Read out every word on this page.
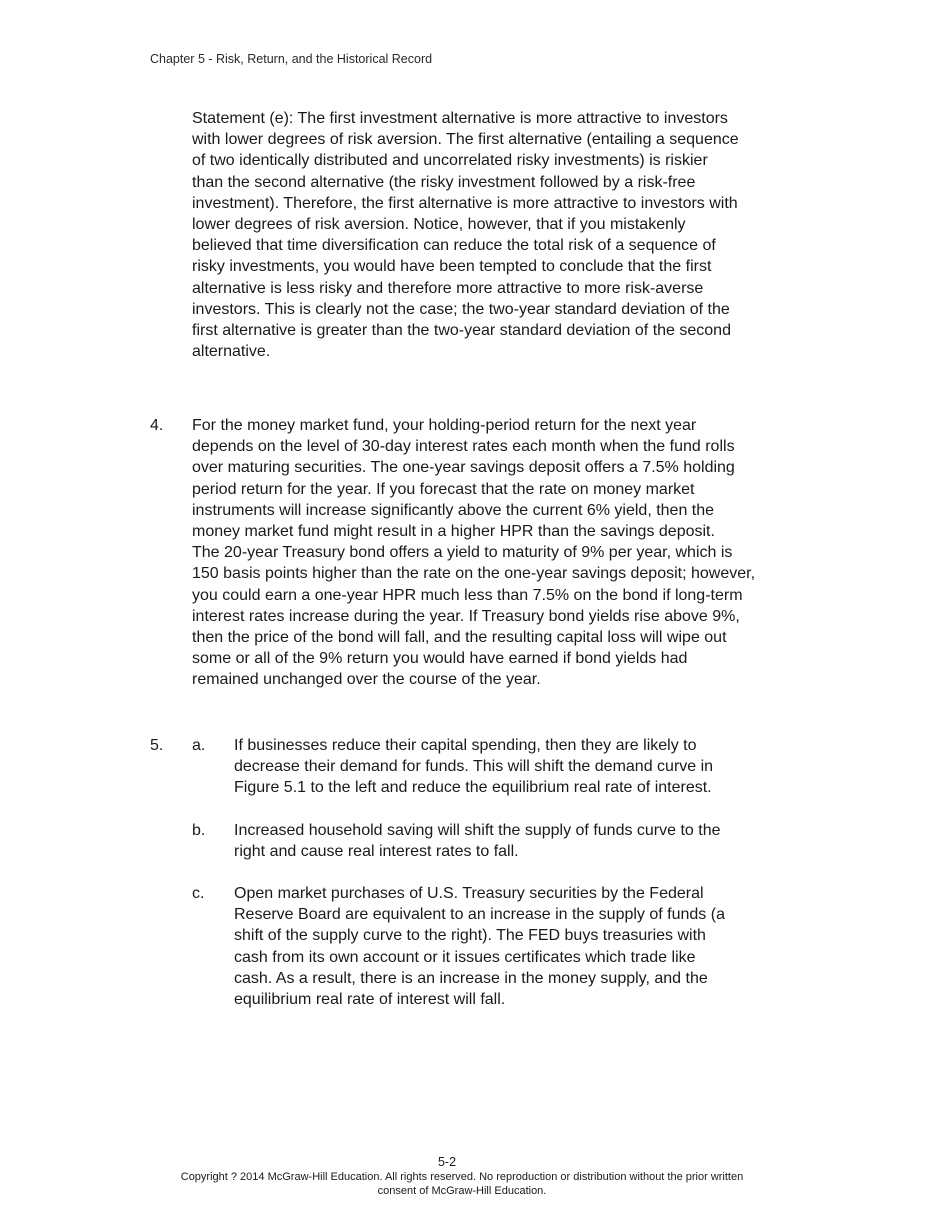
Chapter 5 - Risk, Return, and the Historical Record

Statement (e): The first investment alternative is more attractive to investors
with lower degrees of risk aversion. The first alternative (entailing a sequence
of two identically distributed and uncorrelated risky investments) is riskier
than the second alternative (the risky investment followed by a risk-free
investment). Therefore, the first alternative is more attractive to investors with
lower degrees of risk aversion. Notice, however, that if you mistakenly
believed that time diversification can reduce the total risk of a sequence of
risky investments, you would have been tempted to conclude that the first
alternative is less risky and therefore more attractive to more risk-averse
investors. This is clearly not the case; the two-year standard deviation of the
first alternative is greater than the two-year standard deviation of the second
alternative.

4. For the money market fund, your holding-period return for the next year
depends on the level of 30-day interest rates each month when the fund rolls
over maturing securities. The one-year savings deposit offers a 7.5% holding
period return for the year. If you forecast that the rate on money market
instruments will increase significantly above the current 6% yield, then the
money market fund might result in a higher HPR than the savings deposit.
The 20-year Treasury bond offers a yield to maturity of 9% per year, which is
150 basis points higher than the rate on the one-year savings deposit; however,
you could earn a one-year HPR much less than 7.5% on the bond if long-term
interest rates increase during the year. If Treasury bond yields rise above 9%,
then the price of the bond will fall, and the resulting capital loss will wipe out
some or all of the 9% return you would have earned if bond yields had
remained unchanged over the course of the year.

5. a. If businesses reduce their capital spending, then they are likely to
decrease their demand for funds. This will shift the demand curve in
Figure 5.1 to the left and reduce the equilibrium real rate of interest.

b. Increased household saving will shift the supply of funds curve to the
right and cause real interest rates to fall.

c. Open market purchases of U.S. Treasury securities by the Federal
Reserve Board are equivalent to an increase in the supply of funds (a
shift of the supply curve to the right). The FED buys treasuries with
cash from its own account or it issues certificates which trade like
cash. As a result, there is an increase in the money supply, and the
equilibrium real rate of interest will fall.

5-2

Copyright ? 2014 McGraw-Hill Education. All rights reserved. No reproduction or distribution without the prior written

consent of McGraw-Hill Education.
